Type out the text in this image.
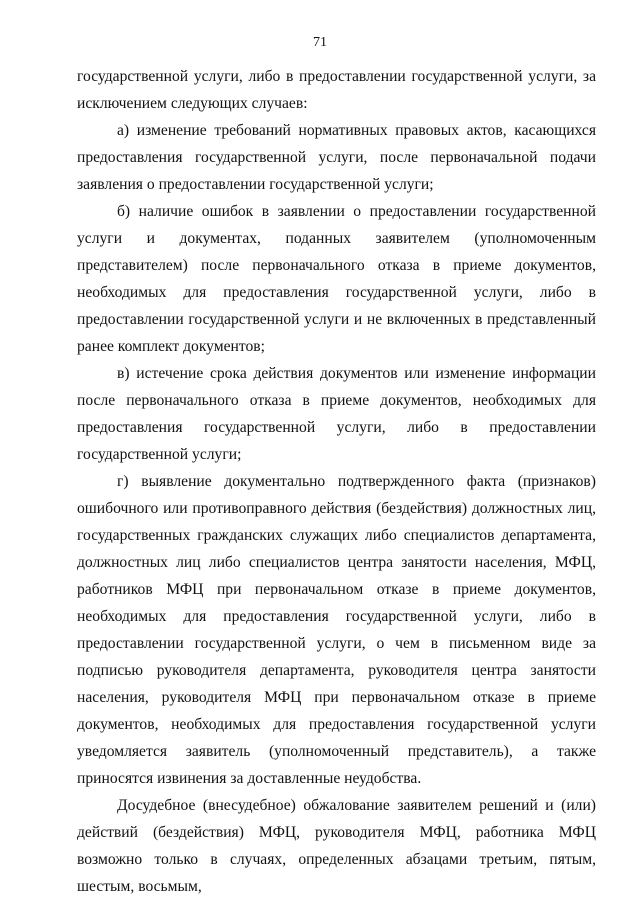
71

государственной услуги, либо в предоставлении государственной услуги, за исключением следующих случаев:

а) изменение требований нормативных правовых актов, касающихся предоставления государственной услуги, после первоначальной подачи заявления о предоставлении государственной услуги;

б) наличие ошибок в заявлении о предоставлении государственной услуги и документах, поданных заявителем (уполномоченным представителем) после первоначального отказа в приеме документов, необходимых для предоставления государственной услуги, либо в предоставлении государственной услуги и не включенных в представленный ранее комплект документов;

в) истечение срока действия документов или изменение информации после первоначального отказа в приеме документов, необходимых для предоставления государственной услуги, либо в предоставлении государственной услуги;

г) выявление документально подтвержденного факта (признаков) ошибочного или противоправного действия (бездействия) должностных лиц, государственных гражданских служащих либо специалистов департамента, должностных лиц либо специалистов центра занятости населения, МФЦ, работников МФЦ при первоначальном отказе в приеме документов, необходимых для предоставления государственной услуги, либо в предоставлении государственной услуги, о чем в письменном виде за подписью руководителя департамента, руководителя центра занятости населения, руководителя МФЦ при первоначальном отказе в приеме документов, необходимых для предоставления государственной услуги уведомляется заявитель (уполномоченный представитель), а также приносятся извинения за доставленные неудобства.

Досудебное (внесудебное) обжалование заявителем решений и (или) действий (бездействия) МФЦ, руководителя МФЦ, работника МФЦ возможно только в случаях, определенных абзацами третьим, пятым, шестым, восьмым,
